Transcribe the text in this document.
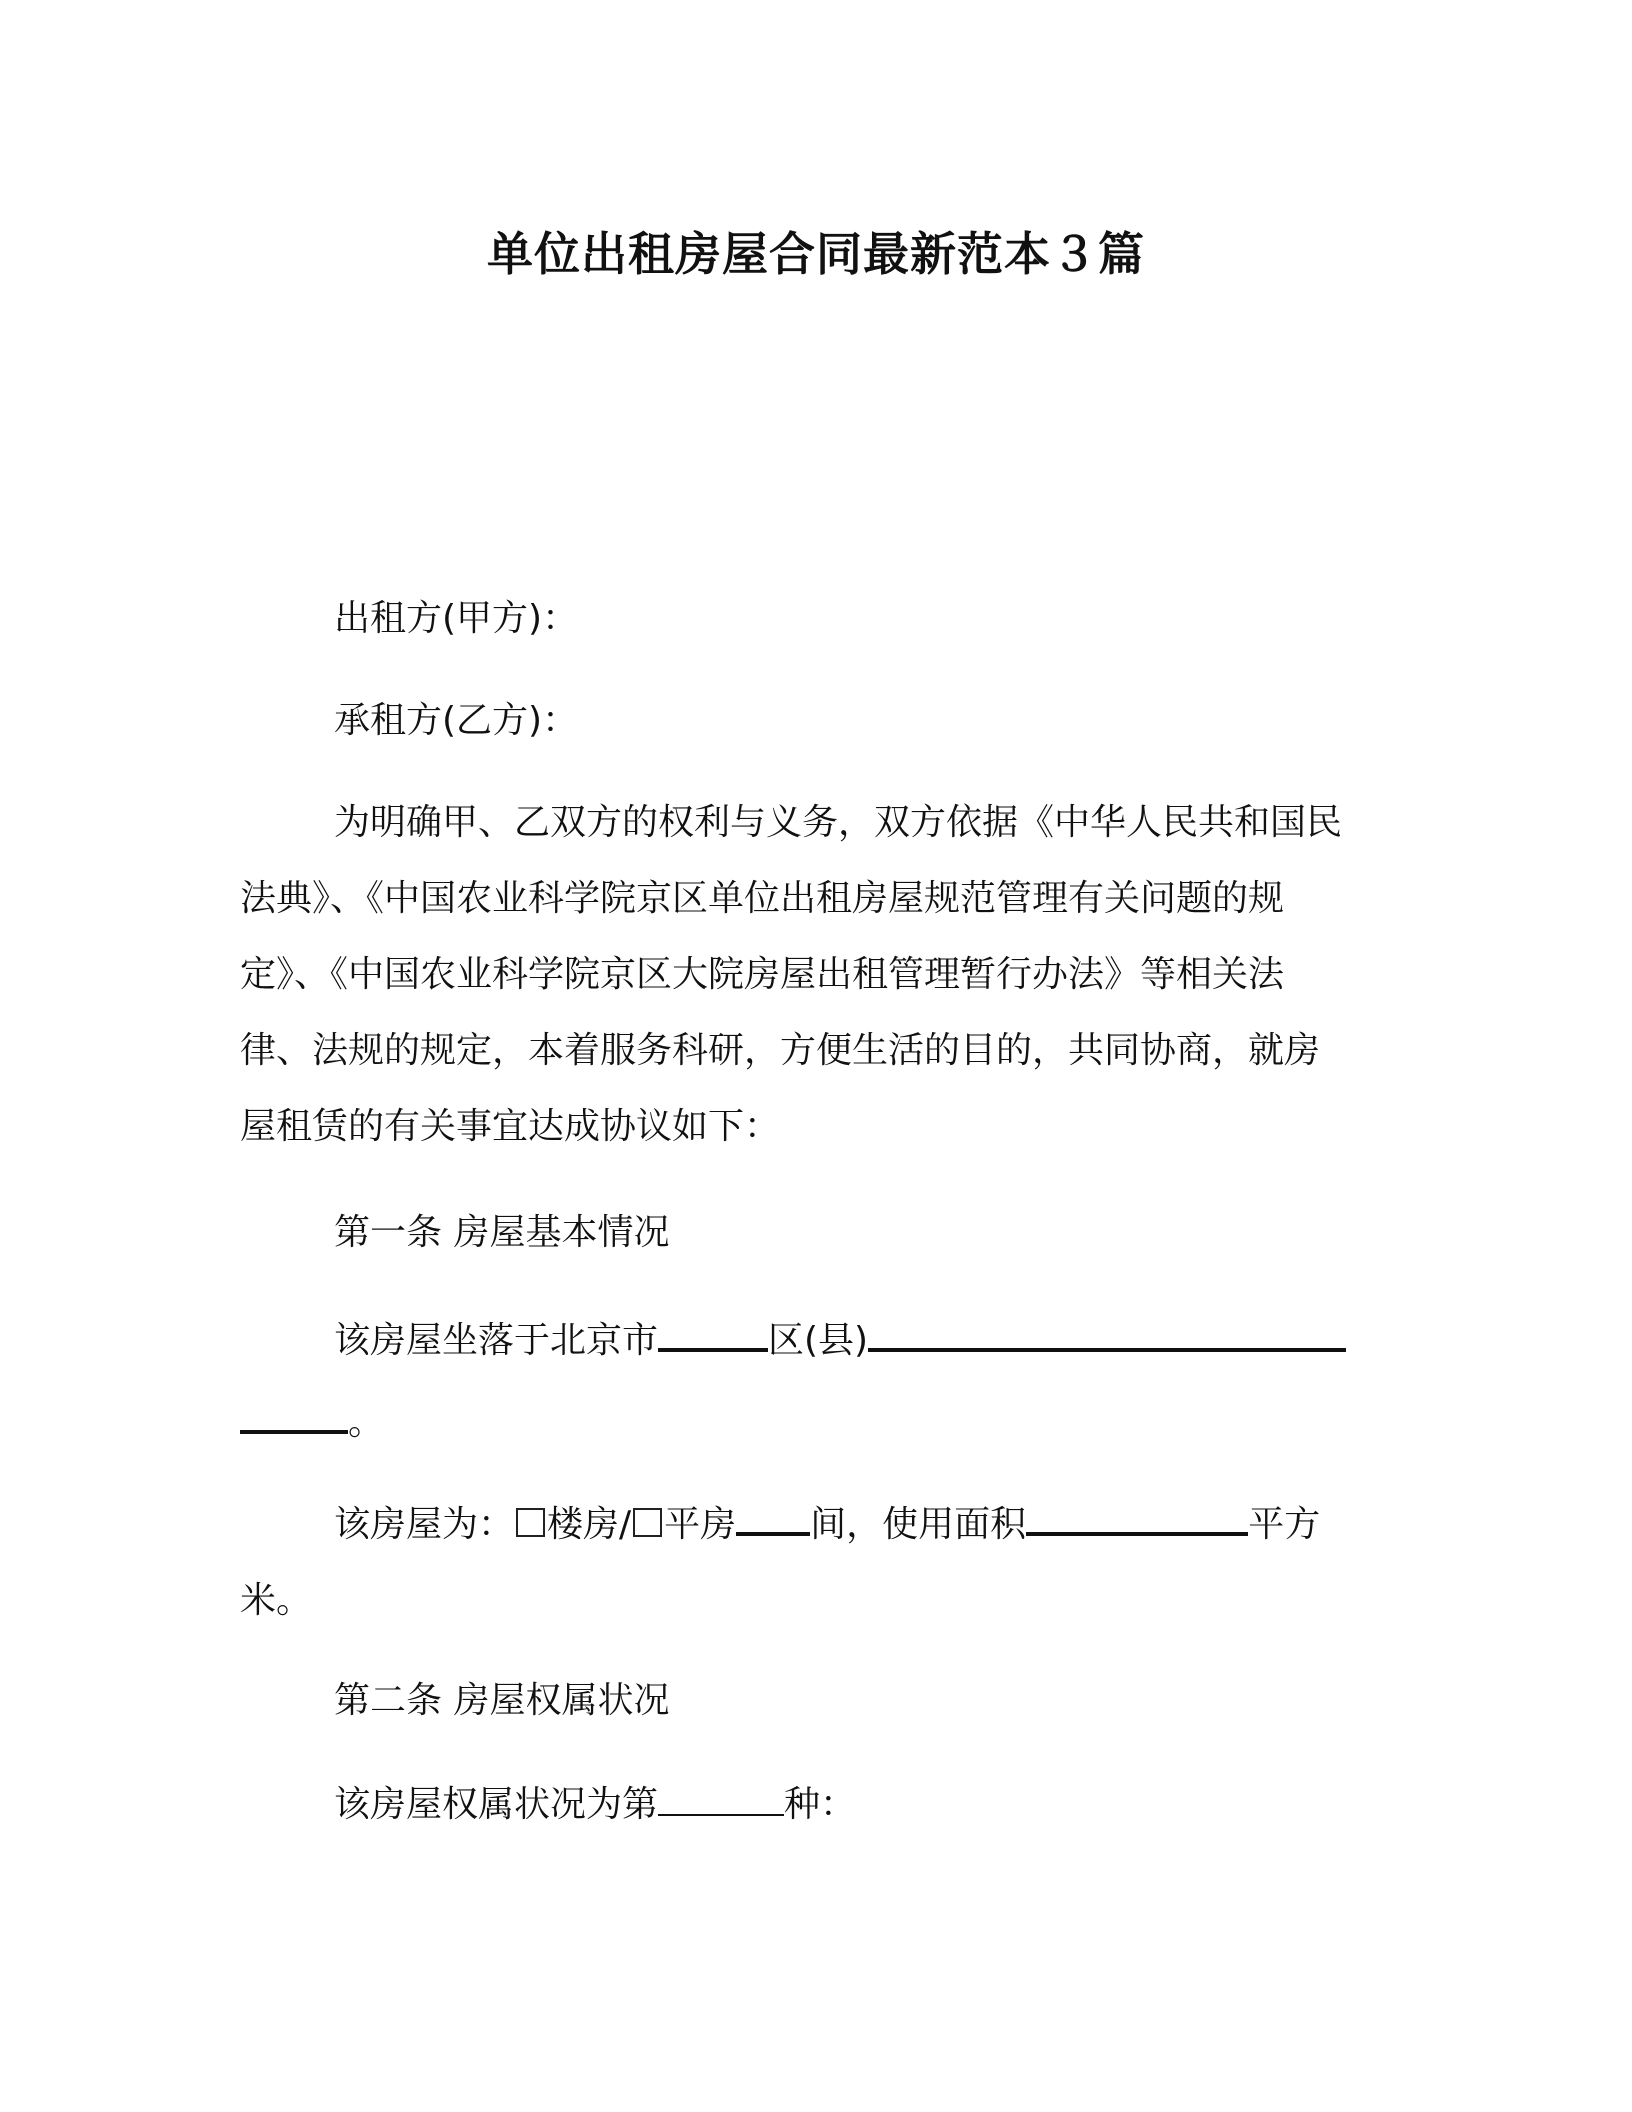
单位出租房屋合同最新范本３篇
出租方(甲方)：
承租方(乙方)：
为明确甲、乙双方的权利与义务，双方依据《中华人民共和国民
法典》、《中国农业科学院京区单位出租房屋规范管理有关问题的规
定》、《中国农业科学院京区大院房屋出租管理暂行办法》等相关法
律、法规的规定，本着服务科研，方便生活的目的，共同协商，就房
屋租赁的有关事宜达成协议如下：
第一条 房屋基本情况
该房屋坐落于北京市	区(县)
。
该房屋为： 楼房/ 平房 间，使用面积	平方
米。
第二条 房屋权属状况
该房屋权属状况为第	种：
